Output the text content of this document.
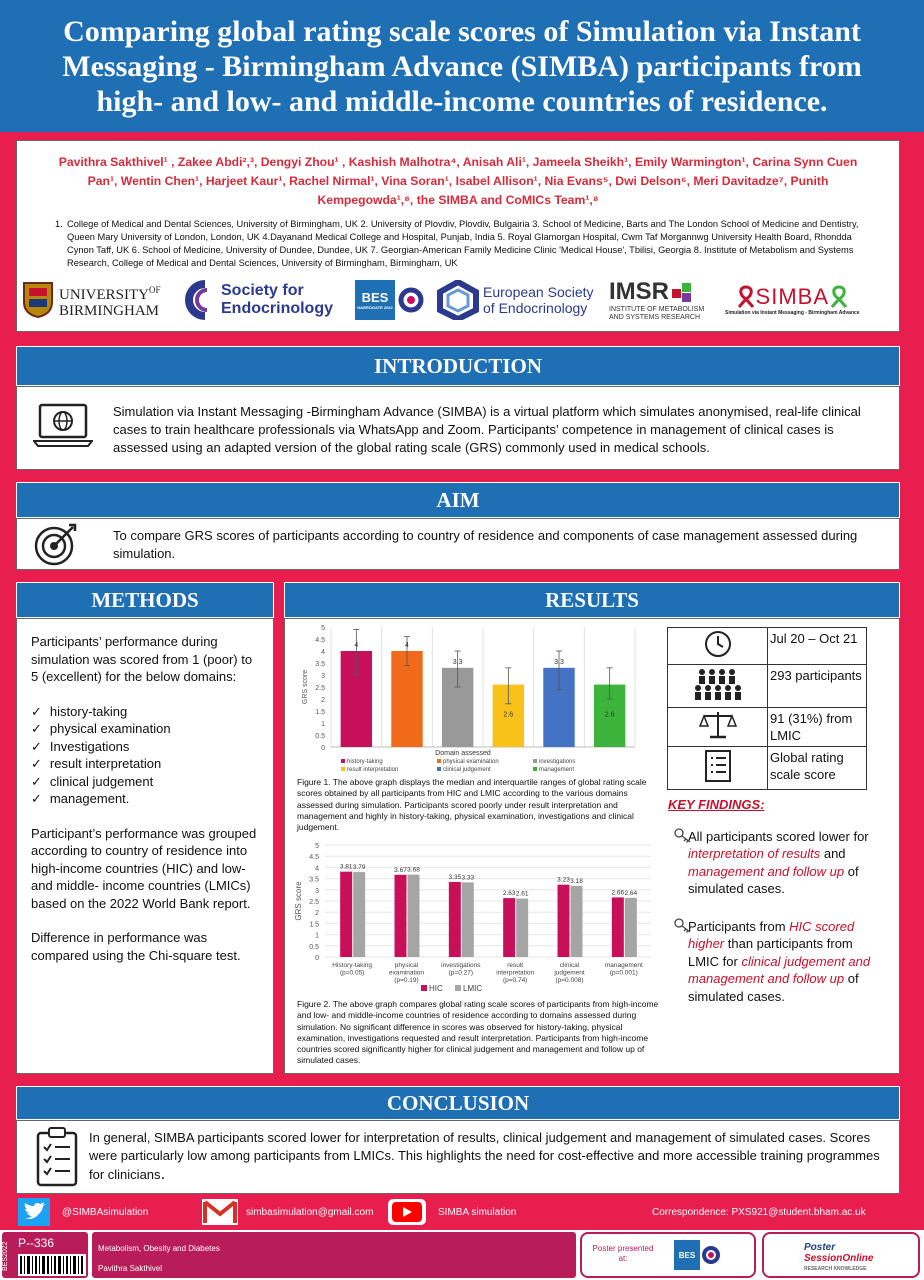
Comparing global rating scale scores of Simulation via Instant Messaging - Birmingham Advance (SIMBA) participants from high- and low- and middle-income countries of residence.
Pavithra Sakthivel¹ , Zakee Abdi²,³, Dengyi Zhou¹ , Kashish Malhotra⁴, Anisah Ali¹, Jameela Sheikh¹, Emily Warmington¹, Carina Synn Cuen Pan¹, Wentin Chen¹, Harjeet Kaur¹, Rachel Nirmal¹, Vina Soran¹, Isabel Allison¹, Nia Evans⁵, Dwi Delson⁶, Meri Davitadze⁷, Punith Kempegowda¹,⁸, the SIMBA and CoMICs Team¹,⁸
1. College of Medical and Dental Sciences, University of Birmingham, UK 2. University of Plovdiv, Plovdiv, Bulgairia 3. School of Medicine, Barts and The London School of Medicine and Dentistry, Queen Mary University of London, London, UK 4.Dayanand Medical College and Hospital, Punjab, India 5. Royal Glamorgan Hospital, Cwm Taf Morgannwg University Health Board, Rhondda Cynon Taff, UK 6. School of Medicine, University of Dundee, Dundee, UK 7. Georgian-American Family Medicine Clinic 'Medical House', Tbilisi, Georgia 8. Institute of Metabolism and Systems Research, College of Medical and Dental Sciences, University of Birmingham, Birmingham, UK
$UNIVERSITY^{OF}$
BIRMINGHAM
Society for
Endocrinology
BES
HARROGATE 2022
European Society
of Endocrinology
IMSR
INSTITUTE OF METABOLISM
AND SYSTEMS RESEARCH
SIMBA
Simulation via Instant Messaging - Birmingham Advance
INTRODUCTION
Simulation via Instant Messaging -Birmingham Advance (SIMBA) is a virtual platform which simulates anonymised, real-life clinical cases to train healthcare professionals via WhatsApp and Zoom. Participants’ competence in management of clinical cases is assessed using an adapted version of the global rating scale (GRS) commonly used in medical schools.
AIM
To compare GRS scores of participants according to country of residence and components of case management assessed during simulation.
METHODS

Participants’ performance during simulation was scored from 1 (poor) to 5 (excellent) for the below domains:

✓ history-taking
✓ physical examination
✓ Investigations
✓ result interpretation
✓ clinical judgement
✓ management.

Participant’s performance was grouped according to country of residence into high-income countries (HIC) and low- and middle- income countries (LMICs) based on the 2022 World Bank report.

Difference in performance was compared using the Chi-square test.

RESULTS
0
0.5
1
1.5
2
2.5
3
3.5
4
4.5
5
GRS score
4	4
3.3
2.6
3.3
2.6
Domain assessed
history-taking	physical examination	investigations
result interpretation	clinical judgement	management
Figure 1. The above graph displays the median and interquartile ranges of global rating scale scores obtained by all participants from HIC and LMIC according to the various domains assessed during simulation. Participants scored poorly under result interpretation and management and highly in history-taking, physical examination, investigations and clinical judgement.
0
0.5
1
1.5
2
2.5
3
3.5
4
4.5
5
GRS score
3.81 3.79
History-taking
(p=0.05)
3.67 3.68
physical
examination
(p=0.19)
3.35 3.33
investigations
(p=0.27)
2.63 2.61
result
interpretation
(p=0.74)
3.23 3.18
clinical
judgement
(p=0.008)
2.66 2.64
management
(p=0.001)
HIC	LMIC
Figure 2. The above graph compares global rating scale scores of participants from high-income and low- and middle-income countries of residence according to domains assessed during simulation. No significant difference in scores was observed for history-taking, physical examination, investigations requested and result interpretation. Participants from high-income countries scored significantly higher for clinical judgement and management and follow up of simulated cases.
	Jul 20 – Oct 21
	293 participants
	91 (31%) from LMIC
	Global rating scale score
KEY FINDINGS:
All participants scored lower for interpretation of results and management and follow up of simulated cases.
Participants from HIC scored higher than participants from LMIC for clinical judgement and management and follow up of simulated cases.
CONCLUSION
In general, SIMBA participants scored lower for interpretation of results, clinical judgement and management of simulated cases. Scores were particularly low among participants from LMICs. This highlights the need for cost-effective and more accessible training programmes for clinicians.
@SIMBAsimulation	simbasimulation@gmail.com	SIMBA simulation	Correspondence: PXS921@student.bham.ac.uk
BES2022 P--336	Metabolism, Obesity and Diabetes
Pavithra Sakthivel
Poster presented
at:	BES
Poster
SessionOnline
RESEARCH KNOWLEDGE
